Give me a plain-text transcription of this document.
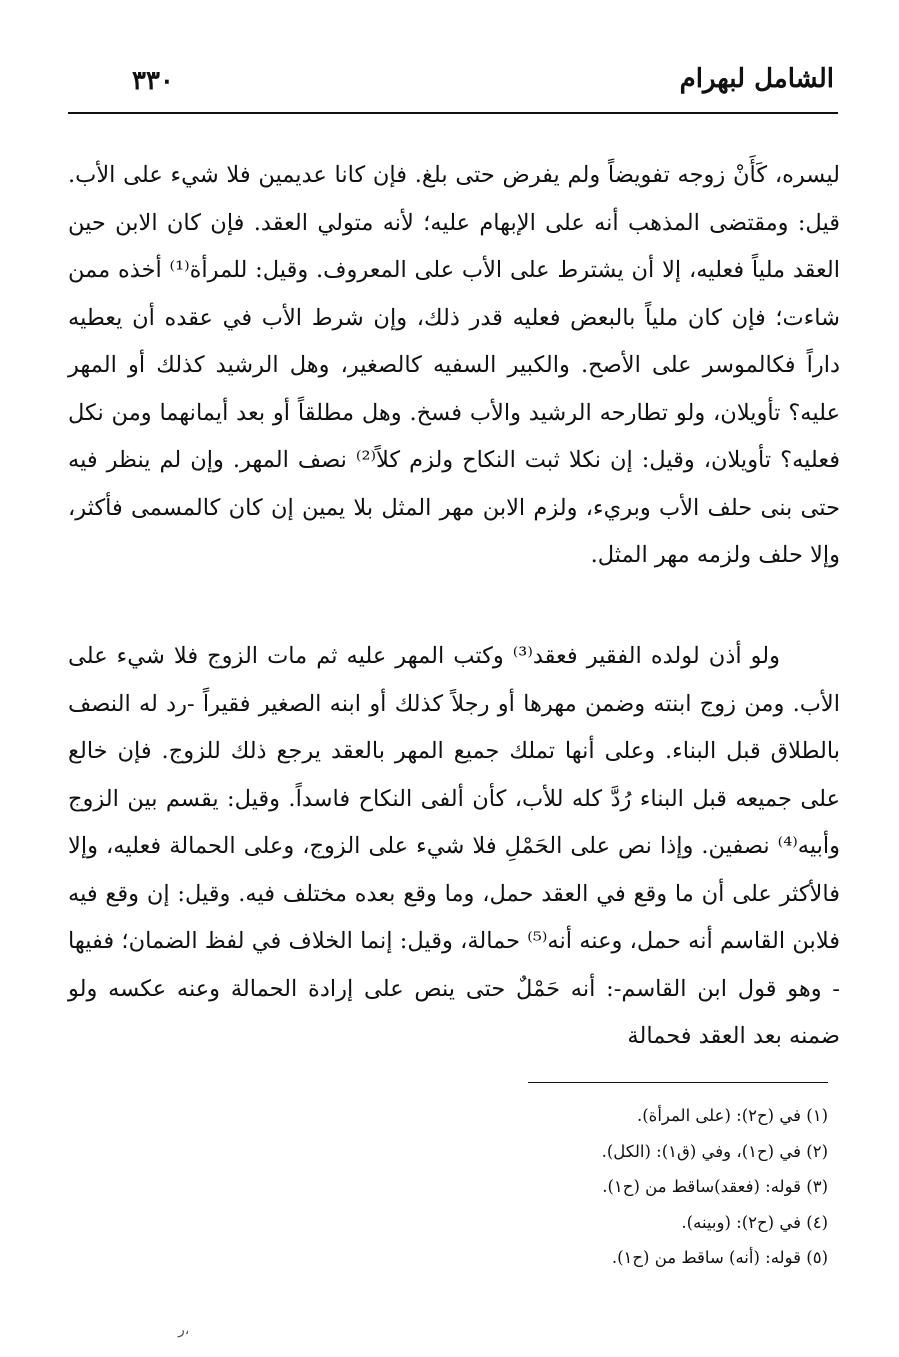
٣٣٠	الشامل لبهرام

ليسره، كَأَنْ زوجه تفويضاً ولم يفرض حتى بلغ. فإن كانا عديمين فلا شيء على الأب. قيل: ومقتضى المذهب أنه على الإبهام عليه؛ لأنه متولي العقد. فإن كان الابن حين العقد ملياً فعليه، إلا أن يشترط على الأب على المعروف. وقيل: للمرأة⁽¹⁾ أخذه ممن شاءت؛ فإن كان ملياً بالبعض فعليه قدر ذلك، وإن شرط الأب في عقده أن يعطيه داراً فكالموسر على الأصح. والكبير السفيه كالصغير، وهل الرشيد كذلك أو المهر عليه؟ تأويلان، ولو تطارحه الرشيد والأب فسخ. وهل مطلقاً أو بعد أيمانهما ومن نكل فعليه؟ تأويلان، وقيل: إن نكلا ثبت النكاح ولزم كلاً⁽²⁾ نصف المهر. وإن لم ينظر فيه حتى بنى حلف الأب وبريء، ولزم الابن مهر المثل بلا يمين إن كان كالمسمى فأكثر، وإلا حلف ولزمه مهر المثل.

ولو أذن لولده الفقير فعقد⁽³⁾ وكتب المهر عليه ثم مات الزوج فلا شيء على الأب. ومن زوج ابنته وضمن مهرها أو رجلاً كذلك أو ابنه الصغير فقيراً -رد له النصف بالطلاق قبل البناء. وعلى أنها تملك جميع المهر بالعقد يرجع ذلك للزوج. فإن خالع على جميعه قبل البناء رُدَّ كله للأب، كأن ألفى النكاح فاسداً. وقيل: يقسم بين الزوج وأبيه⁽⁴⁾ نصفين. وإذا نص على الحَمْلِ فلا شيء على الزوج، وعلى الحمالة فعليه، وإلا فالأكثر على أن ما وقع في العقد حمل، وما وقع بعده مختلف فيه. وقيل: إن وقع فيه فلابن القاسم أنه حمل، وعنه أنه⁽⁵⁾ حمالة، وقيل: إنما الخلاف في لفظ الضمان؛ ففيها - وهو قول ابن القاسم-: أنه حَمْلٌ حتى ينص على إرادة الحمالة وعنه عكسه ولو ضمنه بعد العقد فحمالة

(١) في (ح٢): (على المرأة).
(٢) في (ح١)، وفي (ق١): (الكل).
(٣) قوله: (فعقد)ساقط من (ح١).
(٤) في (ح٢): (وبينه).
(٥) قوله: (أنه) ساقط من (ح١).
ر،
